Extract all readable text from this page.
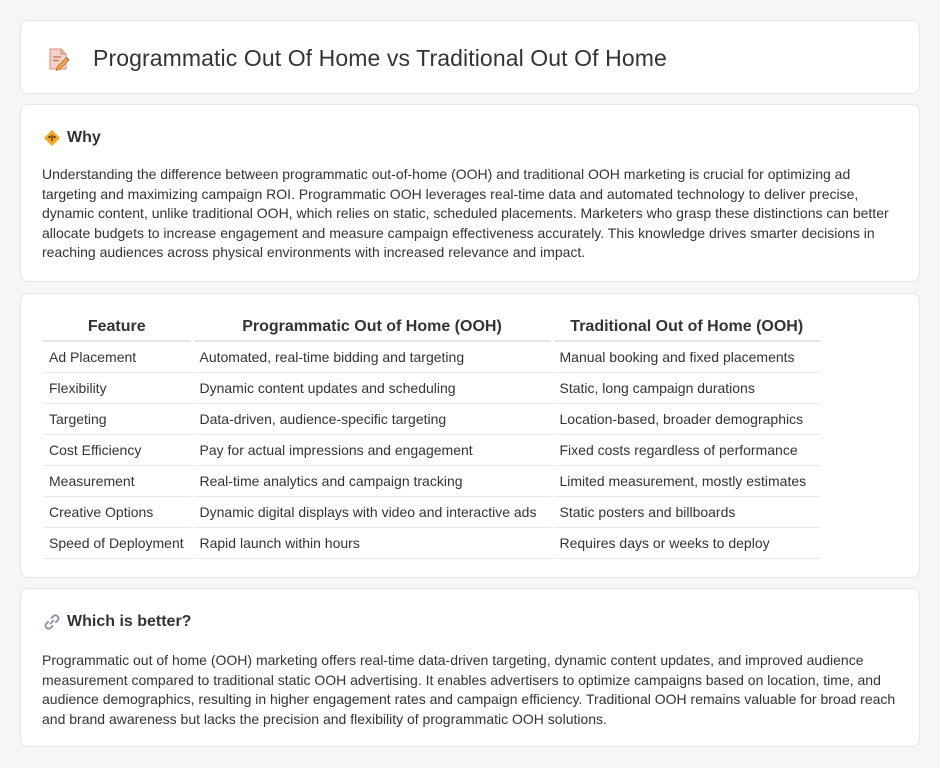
Programmatic Out Of Home vs Traditional Out Of Home
Why

Understanding the difference between programmatic out-of-home (OOH) and traditional OOH marketing is crucial for optimizing ad targeting and maximizing campaign ROI. Programmatic OOH leverages real-time data and automated technology to deliver precise, dynamic content, unlike traditional OOH, which relies on static, scheduled placements. Marketers who grasp these distinctions can better allocate budgets to increase engagement and measure campaign effectiveness accurately. This knowledge drives smarter decisions in reaching audiences across physical environments with increased relevance and impact.

Feature	Programmatic Out of Home (OOH)	Traditional Out of Home (OOH)
Ad Placement	Automated, real-time bidding and targeting	Manual booking and fixed placements
Flexibility	Dynamic content updates and scheduling	Static, long campaign durations
Targeting	Data-driven, audience-specific targeting	Location-based, broader demographics
Cost Efficiency	Pay for actual impressions and engagement	Fixed costs regardless of performance
Measurement	Real-time analytics and campaign tracking	Limited measurement, mostly estimates
Creative Options	Dynamic digital displays with video and interactive ads	Static posters and billboards
Speed of Deployment	Rapid launch within hours	Requires days or weeks to deploy
Which is better?

Programmatic out of home (OOH) marketing offers real-time data-driven targeting, dynamic content updates, and improved audience measurement compared to traditional static OOH advertising. It enables advertisers to optimize campaigns based on location, time, and audience demographics, resulting in higher engagement rates and campaign efficiency. Traditional OOH remains valuable for broad reach and brand awareness but lacks the precision and flexibility of programmatic OOH solutions.
